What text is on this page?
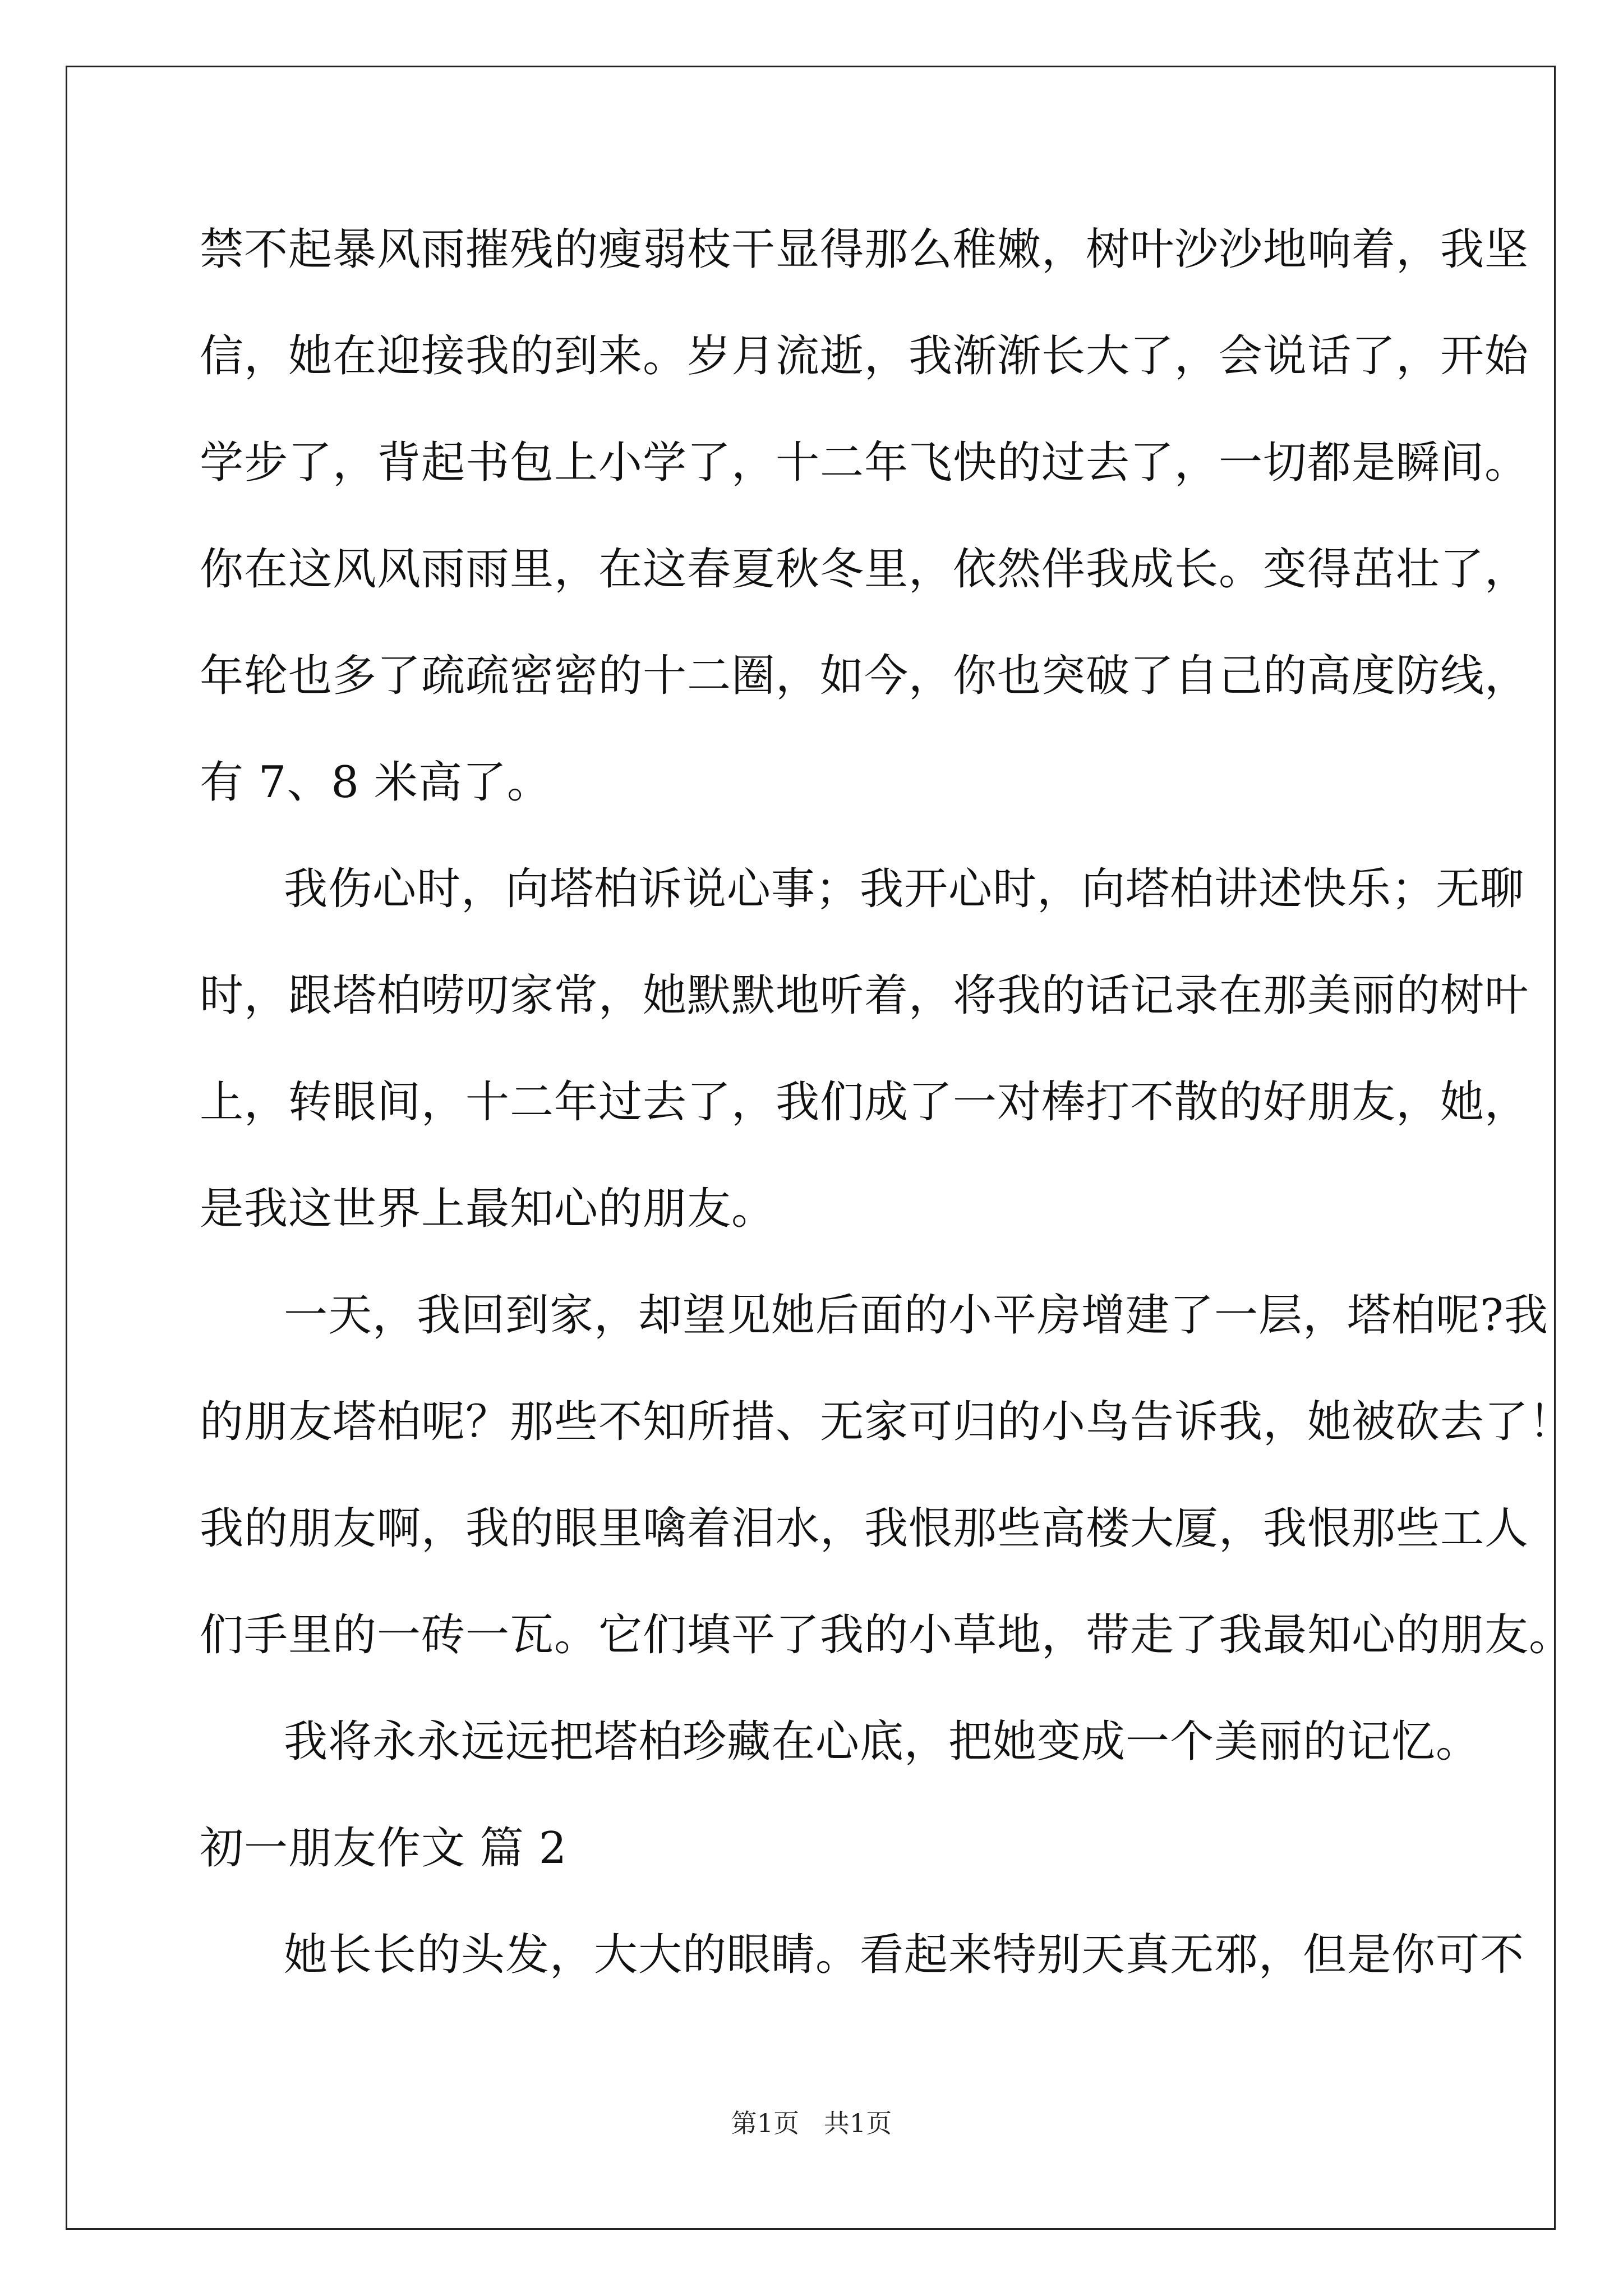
禁不起暴风雨摧残的瘦弱枝干显得那么稚嫩，树叶沙沙地响着，我坚
信，她在迎接我的到来。岁月流逝，我渐渐长大了，会说话了，开始
学步了，背起书包上小学了，十二年飞快的过去了，一切都是瞬间。
你在这风风雨雨里，在这春夏秋冬里，依然伴我成长。变得茁壮了，
年轮也多了疏疏密密的十二圈，如今，你也突破了自己的高度防线，
有 7、8 米高了。
我伤心时，向塔柏诉说心事；我开心时，向塔柏讲述快乐；无聊
时，跟塔柏唠叨家常，她默默地听着，将我的话记录在那美丽的树叶
上，转眼间，十二年过去了，我们成了一对棒打不散的好朋友，她，
是我这世界上最知心的朋友。
一天，我回到家，却望见她后面的小平房增建了一层，塔柏呢?我
的朋友塔柏呢？那些不知所措、无家可归的小鸟告诉我，她被砍去了！
我的朋友啊，我的眼里噙着泪水，我恨那些高楼大厦，我恨那些工人
们手里的一砖一瓦。它们填平了我的小草地，带走了我最知心的朋友。
我将永永远远把塔柏珍藏在心底，把她变成一个美丽的记忆。
初一朋友作文 篇 2
她长长的头发，大大的眼睛。看起来特别天真无邪，但是你可不
第1页   共1页
